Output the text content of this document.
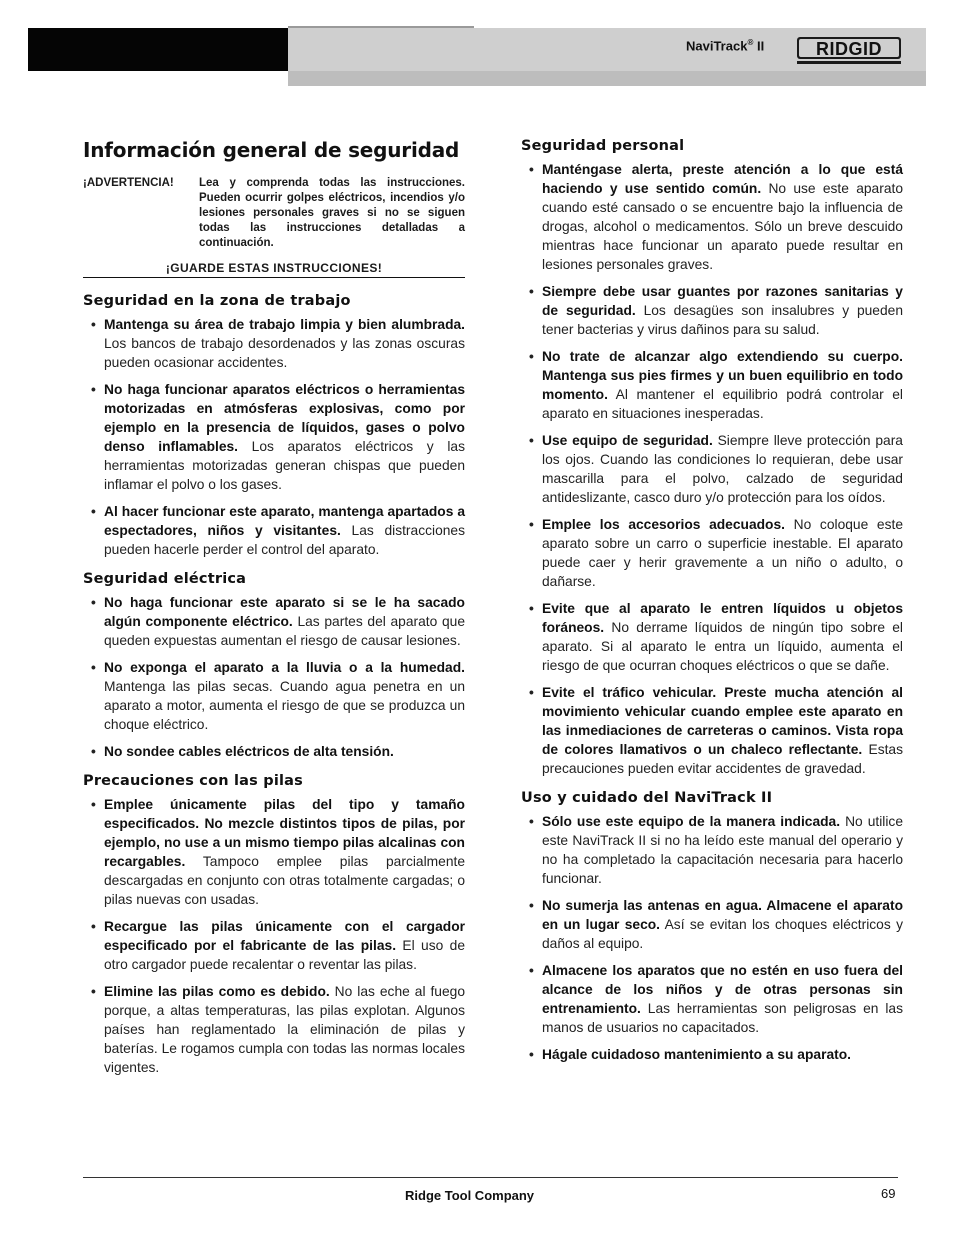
NaviTrack® II	RIDGID
Información general de seguridad
¡ADVERTENCIA!	Lea y comprenda todas las instrucciones. Pueden ocurrir golpes eléctricos, incendios y/o lesiones personales graves si no se siguen todas las instrucciones detalladas a continuación.
¡GUARDE ESTAS INSTRUCCIONES!
Seguridad en la zona de trabajo
• Mantenga su área de trabajo limpia y bien alumbrada. Los bancos de trabajo desordenados y las zonas oscuras pueden ocasionar accidentes.
• No haga funcionar aparatos eléctricos o herramientas motorizadas en atmósferas explosivas, como por ejemplo en la presencia de líquidos, gases o polvo denso inflamables. Los aparatos eléctricos y las herramientas motorizadas generan chispas que pueden inflamar el polvo o los gases.
• Al hacer funcionar este aparato, mantenga apartados a espectadores, niños y visitantes. Las distracciones pueden hacerle perder el control del aparato.
Seguridad eléctrica
• No haga funcionar este aparato si se le ha sacado algún componente eléctrico. Las partes del aparato que queden expuestas aumentan el riesgo de causar lesiones.
• No exponga el aparato a la lluvia o a la humedad. Mantenga las pilas secas. Cuando agua penetra en un aparato a motor, aumenta el riesgo de que se produzca un choque eléctrico.
• No sondee cables eléctricos de alta tensión.
Precauciones con las pilas
• Emplee únicamente pilas del tipo y tamaño especificados. No mezcle distintos tipos de pilas, por ejemplo, no use a un mismo tiempo pilas alcalinas con recargables. Tampoco emplee pilas parcialmente descargadas en conjunto con otras totalmente cargadas; o pilas nuevas con usadas.
• Recargue las pilas únicamente con el cargador especificado por el fabricante de las pilas. El uso de otro cargador puede recalentar o reventar las pilas.
• Elimine las pilas como es debido. No las eche al fuego porque, a altas temperaturas, las pilas explotan. Algunos países han reglamentado la eliminación de pilas y baterías. Le rogamos cumpla con todas las normas locales vigentes.
Seguridad personal
• Manténgase alerta, preste atención a lo que está haciendo y use sentido común. No use este aparato cuando esté cansado o se encuentre bajo la influencia de drogas, alcohol o medicamentos. Sólo un breve descuido mientras hace funcionar un aparato puede resultar en lesiones personales graves.
• Siempre debe usar guantes por razones sanitarias y de seguridad. Los desagües son insalubres y pueden tener bacterias y virus dañinos para su salud.
• No trate de alcanzar algo extendiendo su cuerpo. Mantenga sus pies firmes y un buen equilibrio en todo momento. Al mantener el equilibrio podrá controlar el aparato en situaciones inesperadas.
• Use equipo de seguridad. Siempre lleve protección para los ojos. Cuando las condiciones lo requieran, debe usar mascarilla para el polvo, calzado de seguridad antideslizante, casco duro y/o protección para los oídos.
• Emplee los accesorios adecuados. No coloque este aparato sobre un carro o superficie inestable. El aparato puede caer y herir gravemente a un niño o adulto, o dañarse.
• Evite que al aparato le entren líquidos u objetos foráneos. No derrame líquidos de ningún tipo sobre el aparato. Si al aparato le entra un líquido, aumenta el riesgo de que ocurran choques eléctricos o que se dañe.
• Evite el tráfico vehicular. Preste mucha atención al movimiento vehicular cuando emplee este aparato en las inmediaciones de carreteras o caminos. Vista ropa de colores llamativos o un chaleco reflectante. Estas precauciones pueden evitar accidentes de gravedad.
Uso y cuidado del NaviTrack II
• Sólo use este equipo de la manera indicada. No utilice este NaviTrack II si no ha leído este manual del operario y no ha completado la capacitación necesaria para hacerlo funcionar.
• No sumerja las antenas en agua. Almacene el aparato en un lugar seco. Así se evitan los choques eléctricos y daños al equipo.
• Almacene los aparatos que no estén en uso fuera del alcance de los niños y de otras personas sin entrenamiento. Las herramientas son peligrosas en las manos de usuarios no capacitados.
• Hágale cuidadoso mantenimiento a su aparato.
Ridge Tool Company	69
